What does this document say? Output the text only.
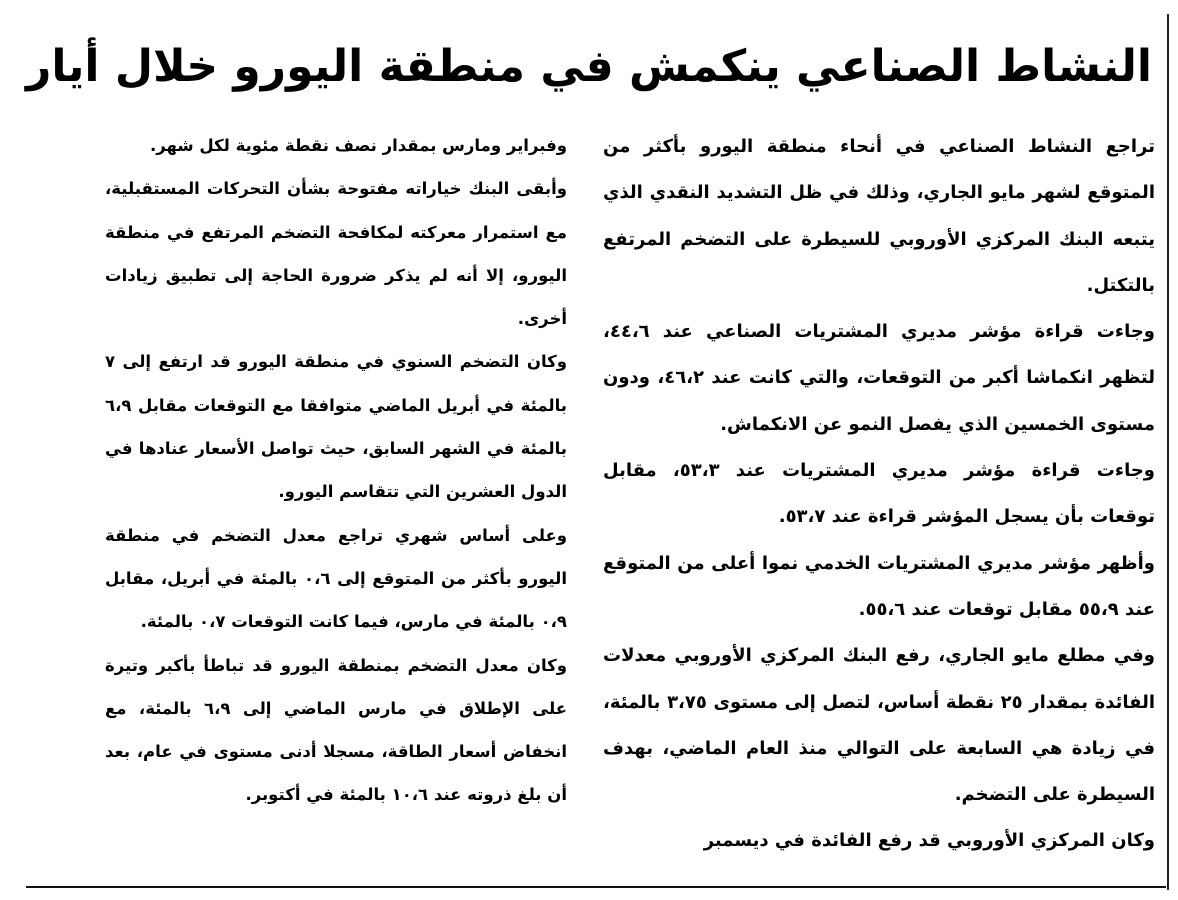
النشاط الصناعي ينكمش في منطقة اليورو خلال أيار

تراجع النشاط الصناعي في أنحاء منطقة اليورو بأكثر من المتوقع لشهر مايو الجاري، وذلك في ظل التشديد النقدي الذي يتبعه البنك المركزي الأوروبي للسيطرة على التضخم المرتفع بالتكتل.

وجاءت قراءة مؤشر مديري المشتريات الصناعي عند ٤٤،٦، لتظهر انكماشا أكبر من التوقعات، والتي كانت عند ٤٦،٢، ودون مستوى الخمسين الذي يفصل النمو عن الانكماش.

وجاءت قراءة مؤشر مديري المشتريات عند ٥٣،٣، مقابل توقعات بأن يسجل المؤشر قراءة عند ٥٣،٧.

وأظهر مؤشر مديري المشتريات الخدمي نموا أعلى من المتوقع عند ٥٥،٩ مقابل توقعات عند ٥٥،٦.

وفي مطلع مايو الجاري، رفع البنك المركزي الأوروبي معدلات الفائدة بمقدار ٢٥ نقطة أساس، لتصل إلى مستوى ٣،٧٥ بالمئة، في زيادة هي السابعة على التوالي منذ العام الماضي، بهدف السيطرة على التضخم.

وكان المركزي الأوروبي قد رفع الفائدة في ديسمبر

وفبراير ومارس بمقدار نصف نقطة مئوية لكل شهر.

وأبقى البنك خياراته مفتوحة بشأن التحركات المستقبلية، مع استمرار معركته لمكافحة التضخم المرتفع في منطقة اليورو، إلا أنه لم يذكر ضرورة الحاجة إلى تطبيق زيادات أخرى.

وكان التضخم السنوي في منطقة اليورو قد ارتفع إلى ٧ بالمئة في أبريل الماضي متوافقا مع التوقعات مقابل ٦،٩ بالمئة في الشهر السابق، حيث تواصل الأسعار عنادها في الدول العشرين التي تتقاسم اليورو.

وعلى أساس شهري تراجع معدل التضخم في منطقة اليورو بأكثر من المتوقع إلى ٠،٦ بالمئة في أبريل، مقابل ٠،٩ بالمئة في مارس، فيما كانت التوقعات ٠،٧ بالمئة.

وكان معدل التضخم بمنطقة اليورو قد تباطأ بأكبر وتيرة على الإطلاق في مارس الماضي إلى ٦،٩ بالمئة، مع انخفاض أسعار الطاقة، مسجلا أدنى مستوى في عام، بعد أن بلغ ذروته عند ١٠،٦ بالمئة في أكتوبر.
